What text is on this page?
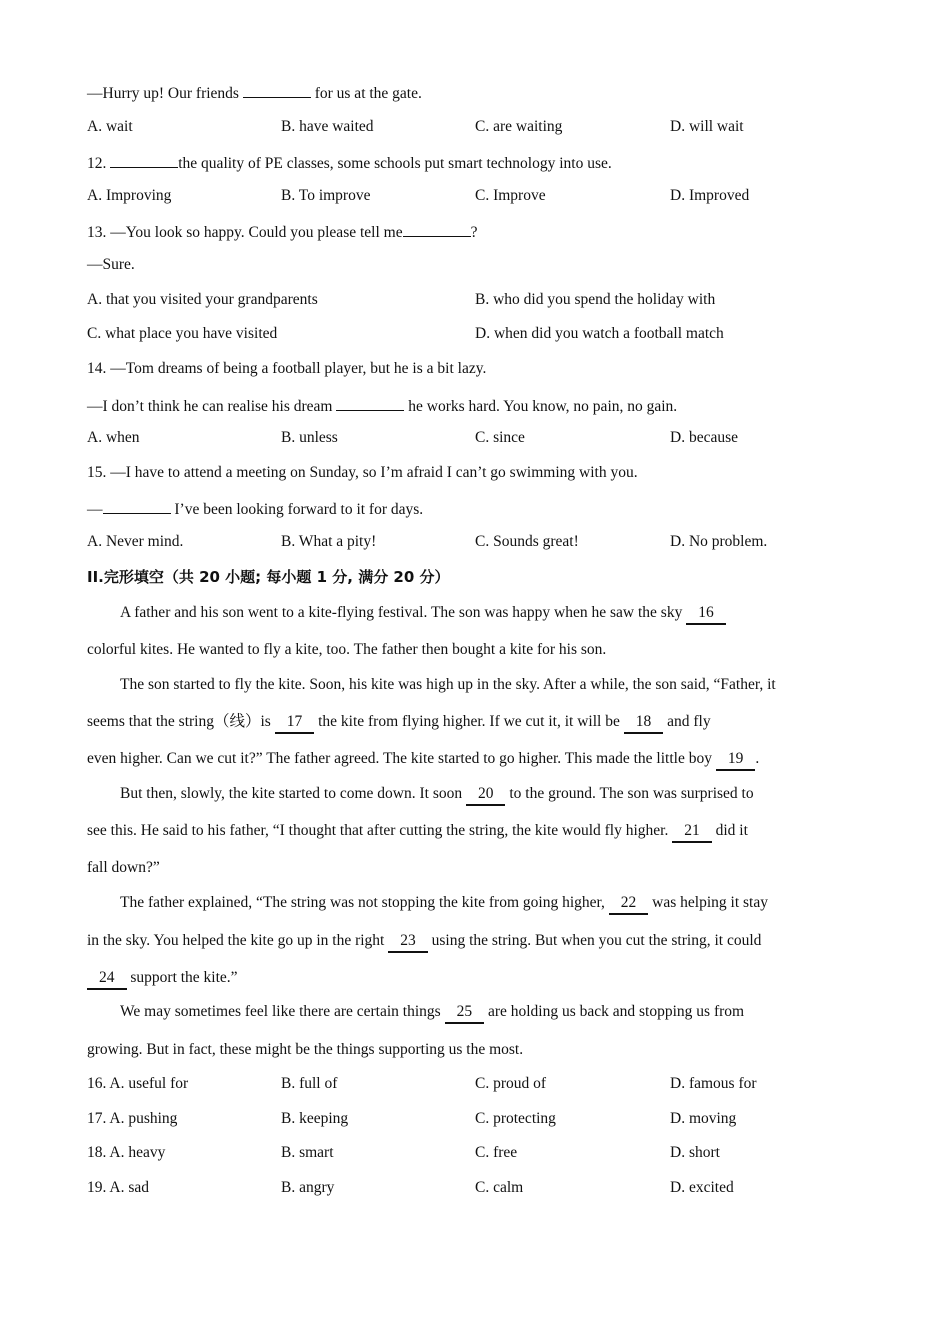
—Hurry up! Our friends	for us at the gate.
A. wait	B. have waited	C. are waiting	D. will wait
12.	the quality of PE classes, some schools put smart technology into use.
A. Improving	B. To improve	C. Improve	D. Improved
13. —You look so happy. Could you please tell me	?
—Sure.
A. that you visited your grandparents	B. who did you spend the holiday with
C. what place you have visited	D. when did you watch a football match
14. —Tom dreams of being a football player, but he is a bit lazy.
—I don’t think he can realise his dream	he works hard. You know, no pain, no gain.
A. when	B. unless	C. since	D. because
15. —I have to attend a meeting on Sunday, so I’m afraid I can’t go swimming with you.
—	I’ve been looking forward to it for days.
A. Never mind.	B. What a pity!	C. Sounds great!	D. No problem.
II.完形填空（共 20 小题; 每小题 1 分, 满分 20 分）
A father and his son went to a kite-flying festival. The son was happy when he saw the sky 16
colorful kites. He wanted to fly a kite, too. The father then bought a kite for his son.
The son started to fly the kite. Soon, his kite was high up in the sky. After a while, the son said, “Father, it
seems that the string（线）is 17 the kite from flying higher. If we cut it, it will be 18 and fly
even higher. Can we cut it?” The father agreed. The kite started to go higher. This made the little boy 19 .
But then, slowly, the kite started to come down. It soon 20 to the ground. The son was surprised to
see this. He said to his father, “I thought that after cutting the string, the kite would fly higher. 21 did it
fall down?”
The father explained, “The string was not stopping the kite from going higher, 22 was helping it stay
in the sky. You helped the kite go up in the right 23 using the string. But when you cut the string, it could
24 support the kite.”
We may sometimes feel like there are certain things 25 are holding us back and stopping us from
growing. But in fact, these might be the things supporting us the most.
16. A. useful for	B. full of	C. proud of	D. famous for
17. A. pushing	B. keeping	C. protecting	D. moving
18. A. heavy	B. smart	C. free	D. short
19. A. sad	B. angry	C. calm	D. excited
